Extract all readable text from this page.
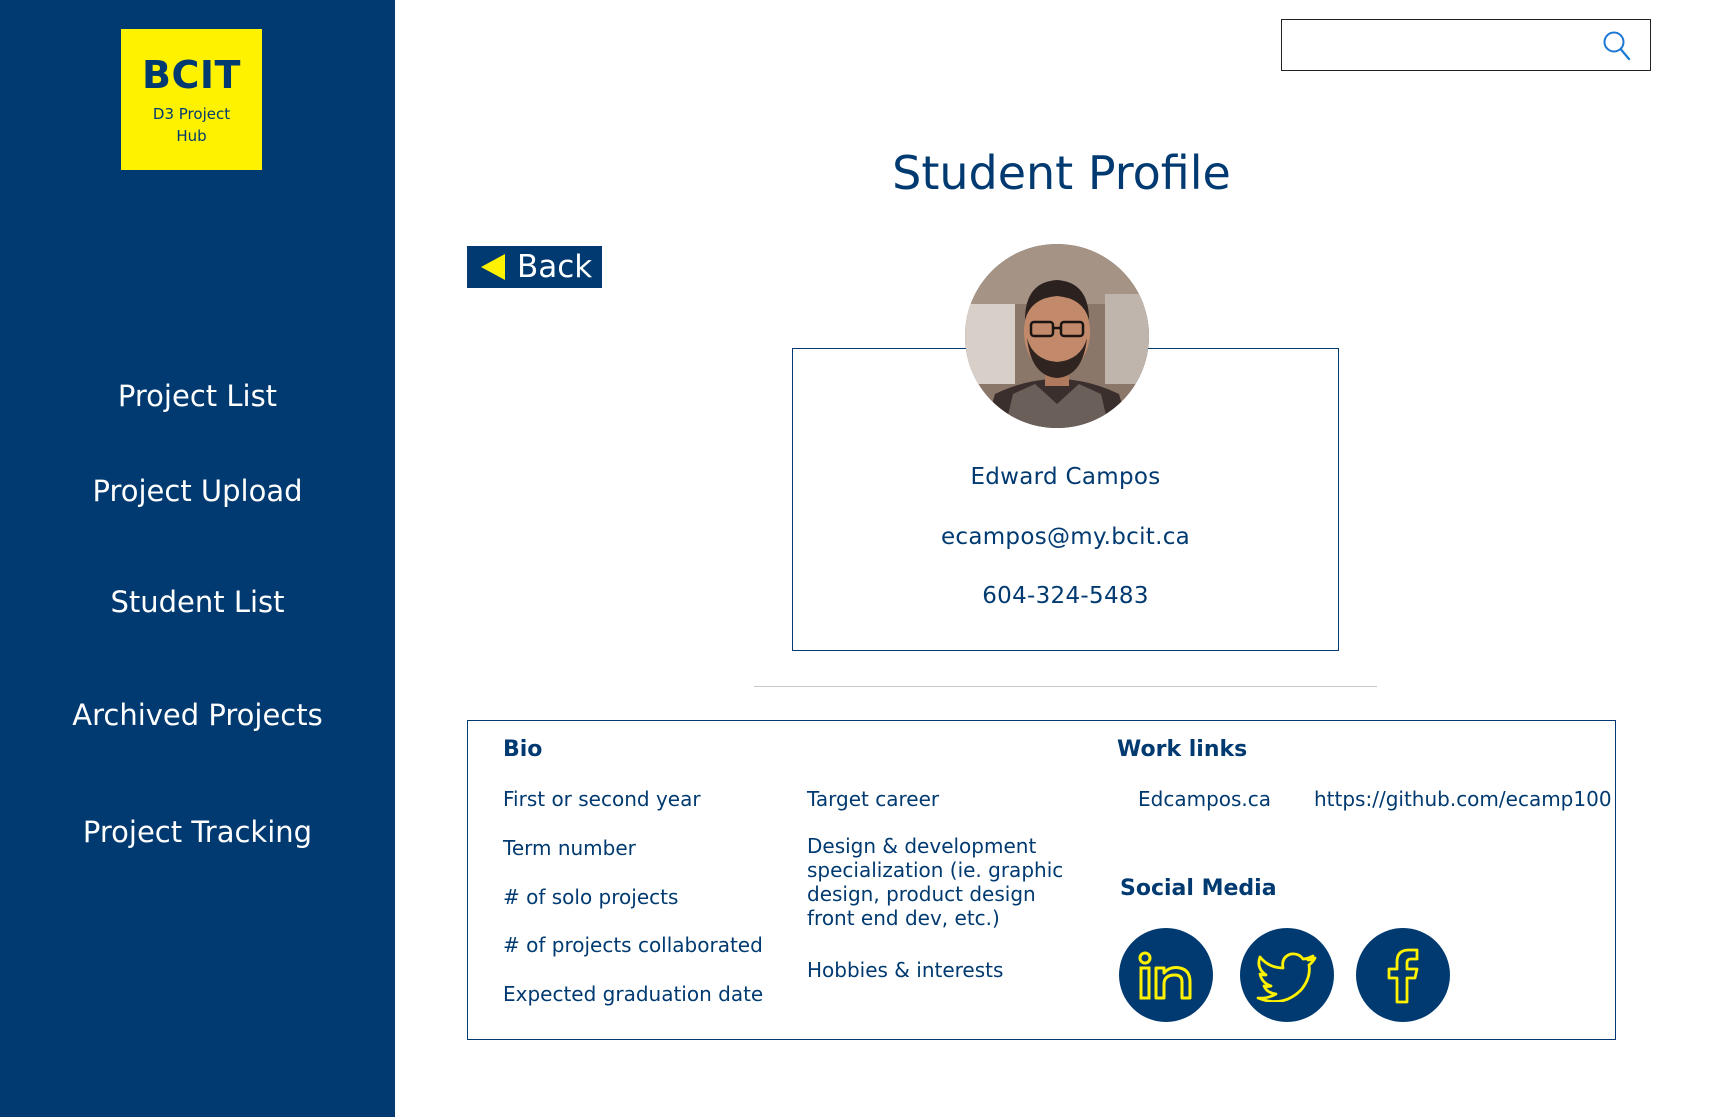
BCIT
D3 Project Hub
Project List
Project Upload
Student List
Archived Projects
Project Tracking
Student Profile
Back
Edward Campos
ecampos@my.bcit.ca
604-324-5483
Bio
First or second year
Term number
# of solo projects
# of projects collaborated
Expected graduation date
Target career
Design & development specialization (ie. graphic design, product design front end dev, etc.)
Hobbies & interests
Work links
Edcampos.ca https://github.com/ecamp100
Social Media
